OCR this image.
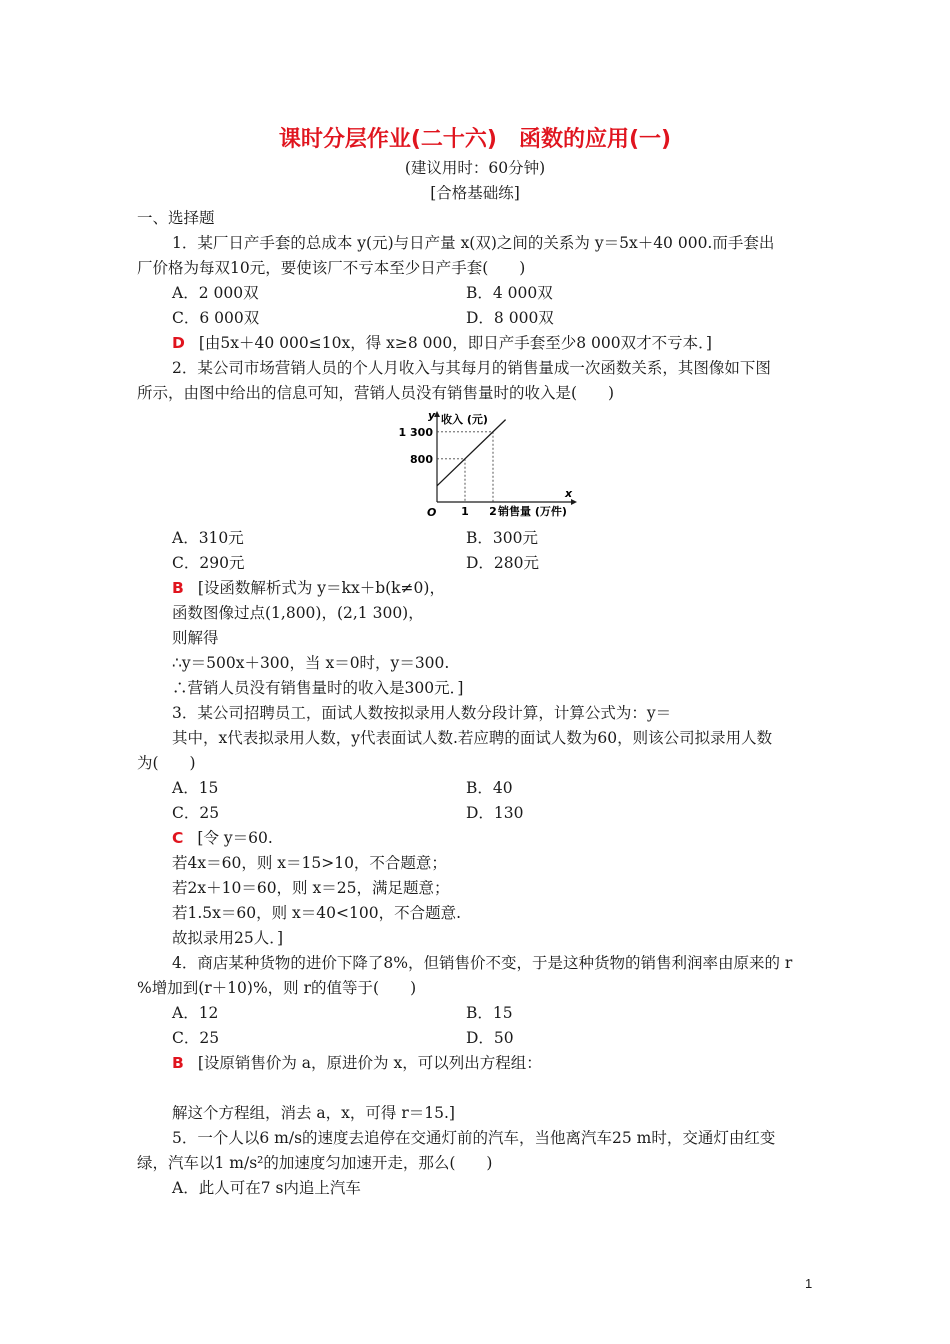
课时分层作业(二十六)　函数的应用(一)
(建议用时：60分钟)
[合格基础练]
一、选择题
1．某厂日产手套的总成本 y(元)与日产量 x(双)之间的关系为 y＝5x＋40 000.而手套出
厂价格为每双10元，要使该厂不亏本至少日产手套(　　)
A．2 000双	B．4 000双
C．6 000双	D．8 000双
D [由5x＋40 000≤10x，得 x≥8 000，即日产手套至少8 000双才不亏本．]
2．某公司市场营销人员的个人月收入与其每月的销售量成一次函数关系，其图像如下图
所示，由图中给出的信息可知，营销人员没有销售量时的收入是(　　)
O
y 收入 (元)
x
销售量 (万件)
1 2
800
1 300
A．310元	B．300元
C．290元	D．280元
B [设函数解析式为 y＝kx＋b(k≠0)，
函数图像过点(1,800)，(2,1 300)，
则解得
∴y＝500x＋300，当 x＝0时，y＝300.
∴营销人员没有销售量时的收入是300元．]
3．某公司招聘员工，面试人数按拟录用人数分段计算，计算公式为：y＝
其中，x代表拟录用人数，y代表面试人数.若应聘的面试人数为60，则该公司拟录用人数
为(　　)
A．15	B．40
C．25	D．130
C [令 y＝60.
若4x＝60，则 x＝15>10，不合题意；
若2x＋10＝60，则 x＝25，满足题意；
若1.5x＝60，则 x＝40<100，不合题意.
故拟录用25人．]
4．商店某种货物的进价下降了8%，但销售价不变，于是这种货物的销售利润率由原来的 r
%增加到(r＋10)%，则 r的值等于(　　)
A．12	B．15
C．25	D．50
B [设原销售价为 a，原进价为 x，可以列出方程组：
解这个方程组，消去 a，x，可得 r＝15.]
5．一个人以6 m/s的速度去追停在交通灯前的汽车，当他离汽车25 m时，交通灯由红变
绿，汽车以1 m/s²的加速度匀加速开走，那么(　　)
A．此人可在7 s内追上汽车
1
